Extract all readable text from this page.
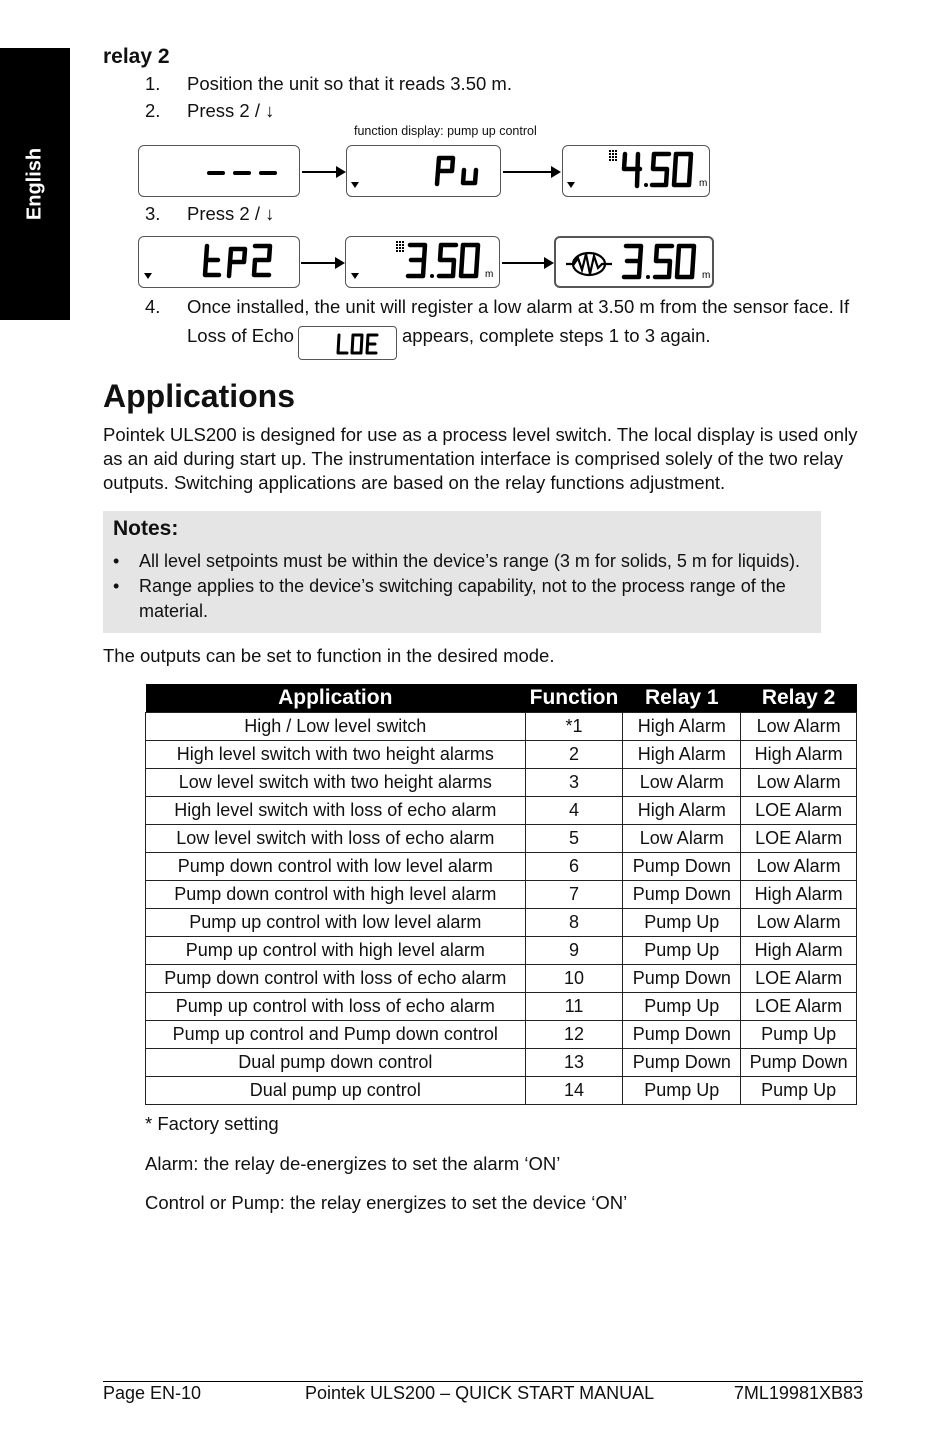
English
relay 2
1. Position the unit so that it reads 3.50 m.
2. Press 2 / ↓
function display: pump up control
m
3. Press 2 / ↓
m	m
4. Once installed, the unit will register a low alarm at 3.50 m from the sensor face. If
Loss of Echo	appears, complete steps 1 to 3 again.
Applications
Pointek ULS200 is designed for use as a process level switch. The local display is used only as an aid during start up. The instrumentation interface is comprised solely of the two relay outputs. Switching applications are based on the relay functions adjustment.
Notes:
• All level setpoints must be within the device’s range (3 m for solids, 5 m for liquids).
• Range applies to the device’s switching capability, not to the process range of the material.
The outputs can be set to function in the desired mode.
Application	Function	Relay 1	Relay 2
High / Low level switch	*1	High Alarm	Low Alarm
High level switch with two height alarms	2	High Alarm	High Alarm
Low level switch with two height alarms	3	Low Alarm	Low Alarm
High level switch with loss of echo alarm	4	High Alarm	LOE Alarm
Low level switch with loss of echo alarm	5	Low Alarm	LOE Alarm
Pump down control with low level alarm	6	Pump Down	Low Alarm
Pump down control with high level alarm	7	Pump Down	High Alarm
Pump up control with low level alarm	8	Pump Up	Low Alarm
Pump up control with high level alarm	9	Pump Up	High Alarm
Pump down control with loss of echo alarm	10	Pump Down	LOE Alarm
Pump up control with loss of echo alarm	11	Pump Up	LOE Alarm
Pump up control and Pump down control	12	Pump Down	Pump Up
Dual pump down control	13	Pump Down	Pump Down
Dual pump up control	14	Pump Up	Pump Up
* Factory setting
Alarm: the relay de-energizes to set the alarm ‘ON’
Control or Pump: the relay energizes to set the device ‘ON’
Page EN-10	Pointek ULS200 – QUICK START MANUAL	7ML19981XB83
